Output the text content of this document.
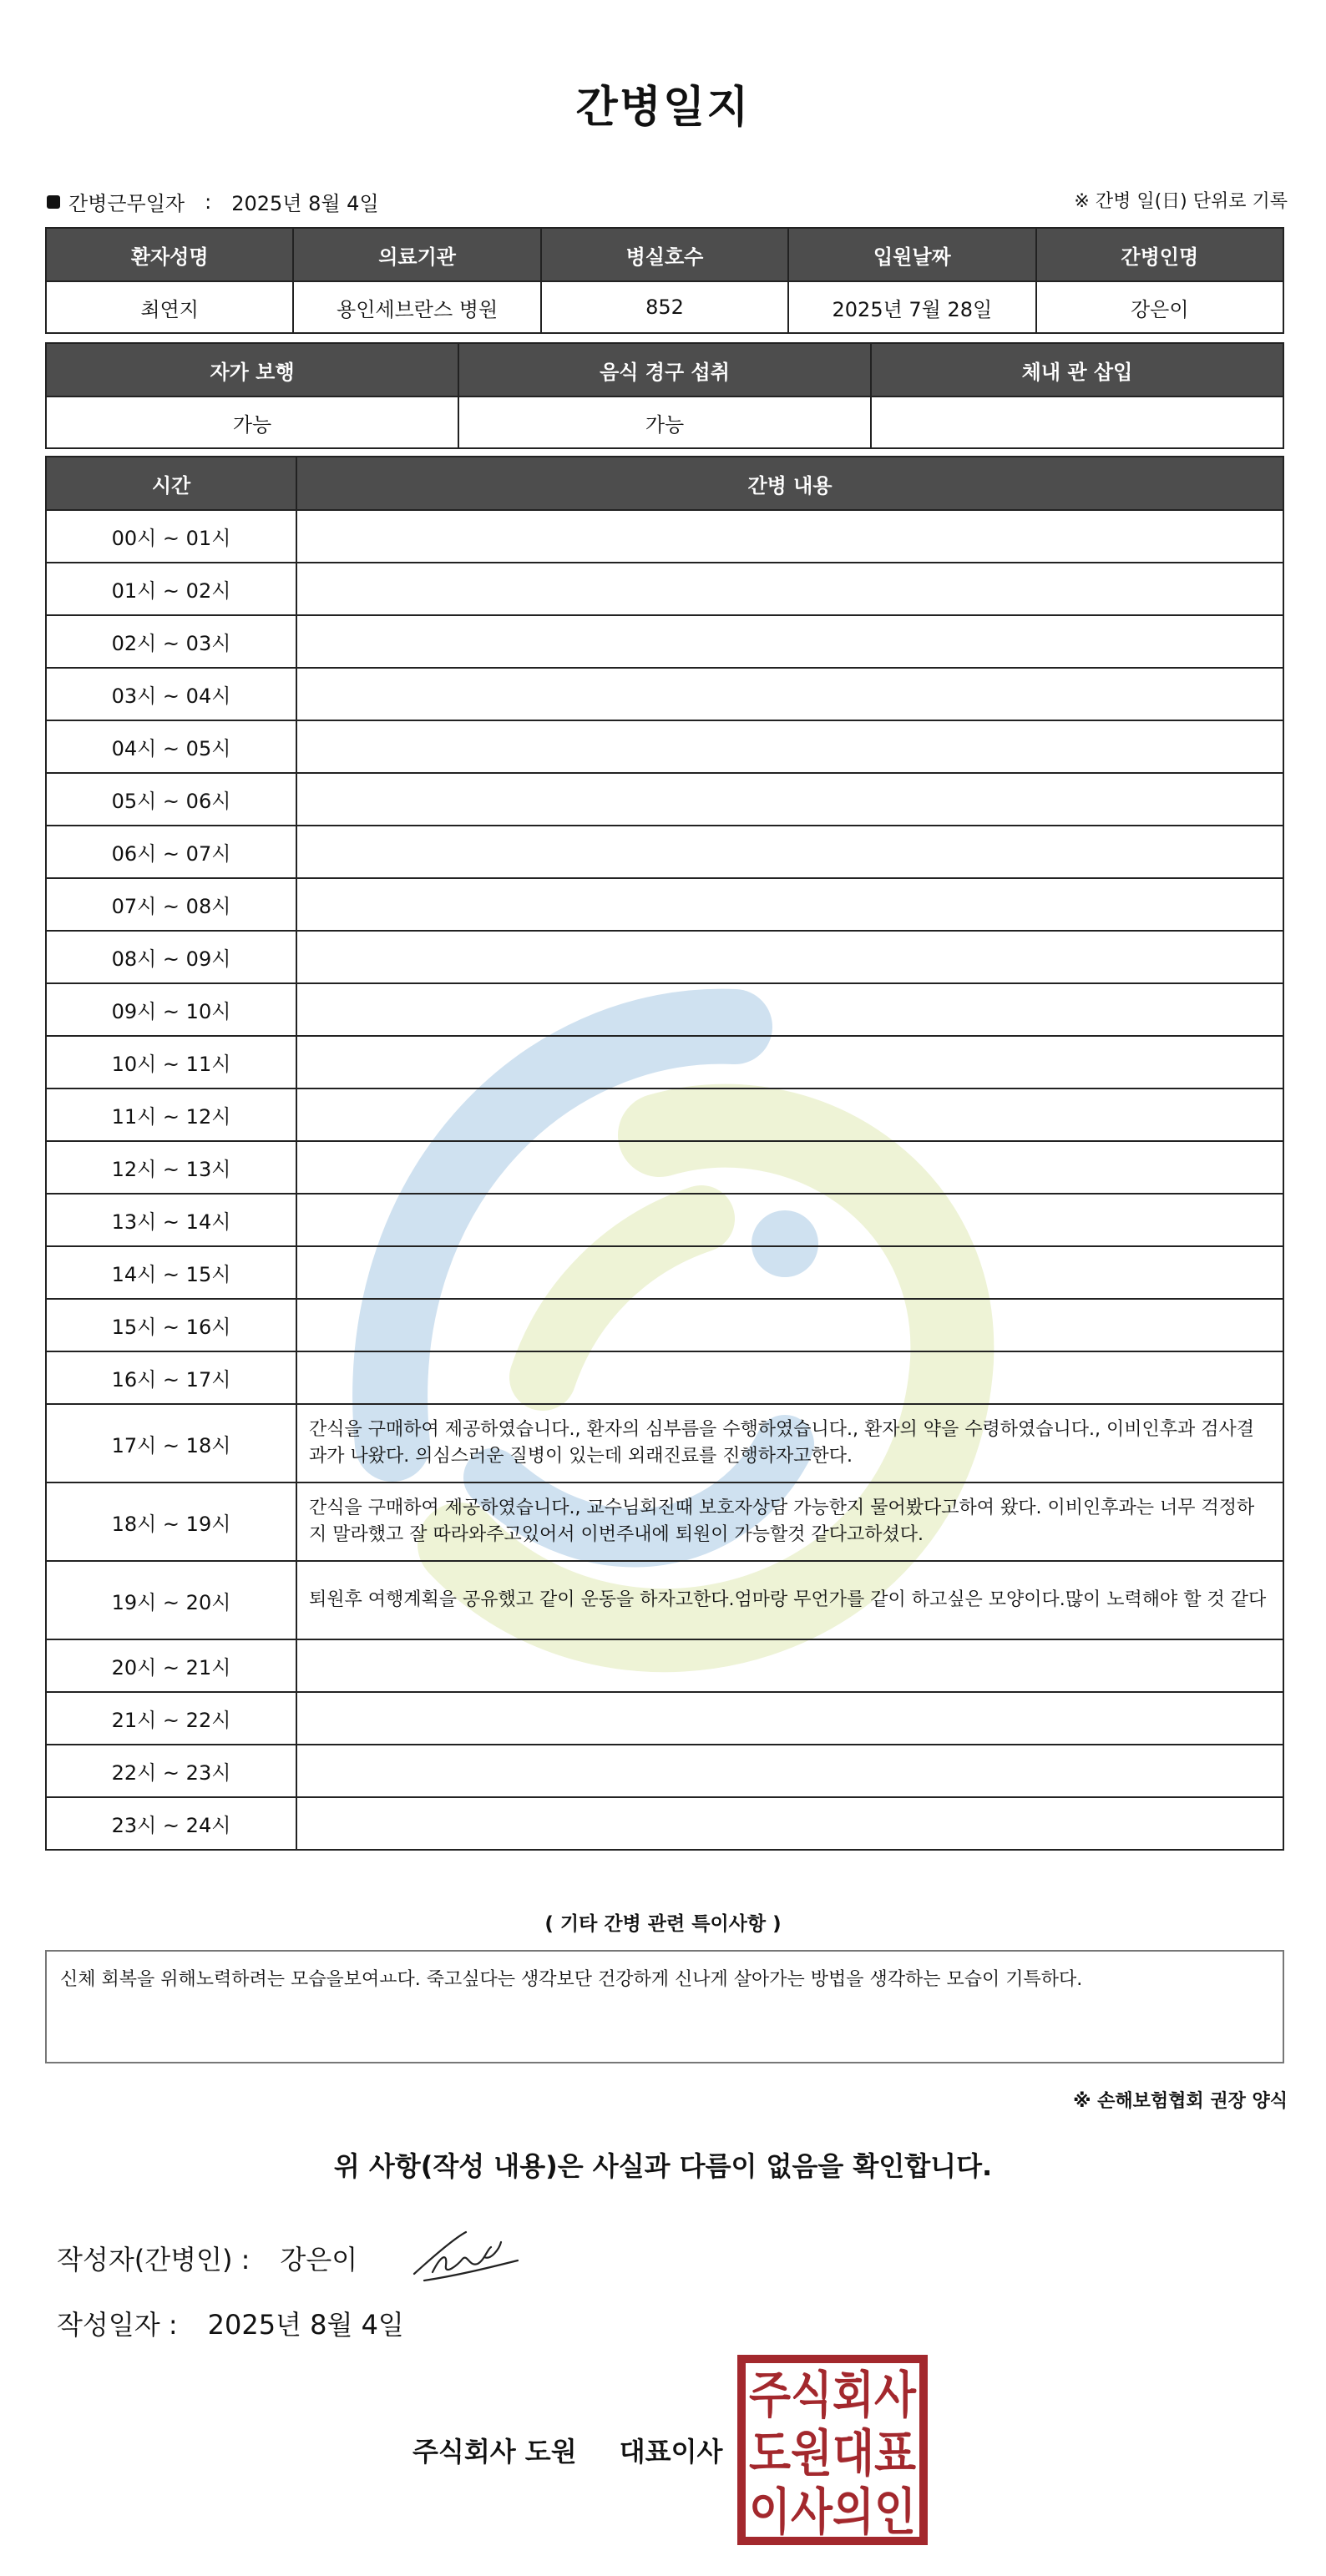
간병일지
간병근무일자 : 2025년 8월 4일	※ 간병 일(日) 단위로 기록
환자성명	의료기관	병실호수	입원날짜	간병인명
최연지	용인세브란스 병원	852	2025년 7월 28일	강은이
자가 보행	음식 경구 섭취	체내 관 삽입
가능	가능	
시간	간병 내용
00시 ~ 01시	
01시 ~ 02시	
02시 ~ 03시	
03시 ~ 04시	
04시 ~ 05시	
05시 ~ 06시	
06시 ~ 07시	
07시 ~ 08시	
08시 ~ 09시	
09시 ~ 10시	
10시 ~ 11시	
11시 ~ 12시	
12시 ~ 13시	
13시 ~ 14시	
14시 ~ 15시	
15시 ~ 16시	
16시 ~ 17시	
17시 ~ 18시	간식을 구매하여 제공하였습니다., 환자의 심부름을 수행하였습니다., 환자의 약을 수령하였습니다., 이비인후과 검사결과가 나왔다. 의심스러운 질병이 있는데 외래진료를 진행하자고한다.
18시 ~ 19시	간식을 구매하여 제공하였습니다., 교수님회진때 보호자상담 가능한지 물어봤다고하여 왔다. 이비인후과는 너무 걱정하지 말라했고 잘 따라와주고있어서 이번주내에 퇴원이 가능할것 같다고하셨다.
19시 ~ 20시	퇴원후 여행계획을 공유했고 같이 운동을 하자고한다.엄마랑 무언가를 같이 하고싶은 모양이다.많이 노력해야 할 것 같다
20시 ~ 21시	
21시 ~ 22시	
22시 ~ 23시	
23시 ~ 24시	
( 기타 간병 관련 특이사항 )
신체 회복을 위해노력하려는 모습을보여ㅛ다. 죽고싶다는 생각보단 건강하게 신나게 살아가는 방법을 생각하는 모습이 기특하다.
※ 손해보험협회 권장 양식
위 사항(작성 내용)은 사실과 다름이 없음을 확인합니다.
작성자(간병인) : 강은이
작성일자 : 2025년 8월 4일
주식회사 도원 대표이사
주식회사
도원대표
이사의인
